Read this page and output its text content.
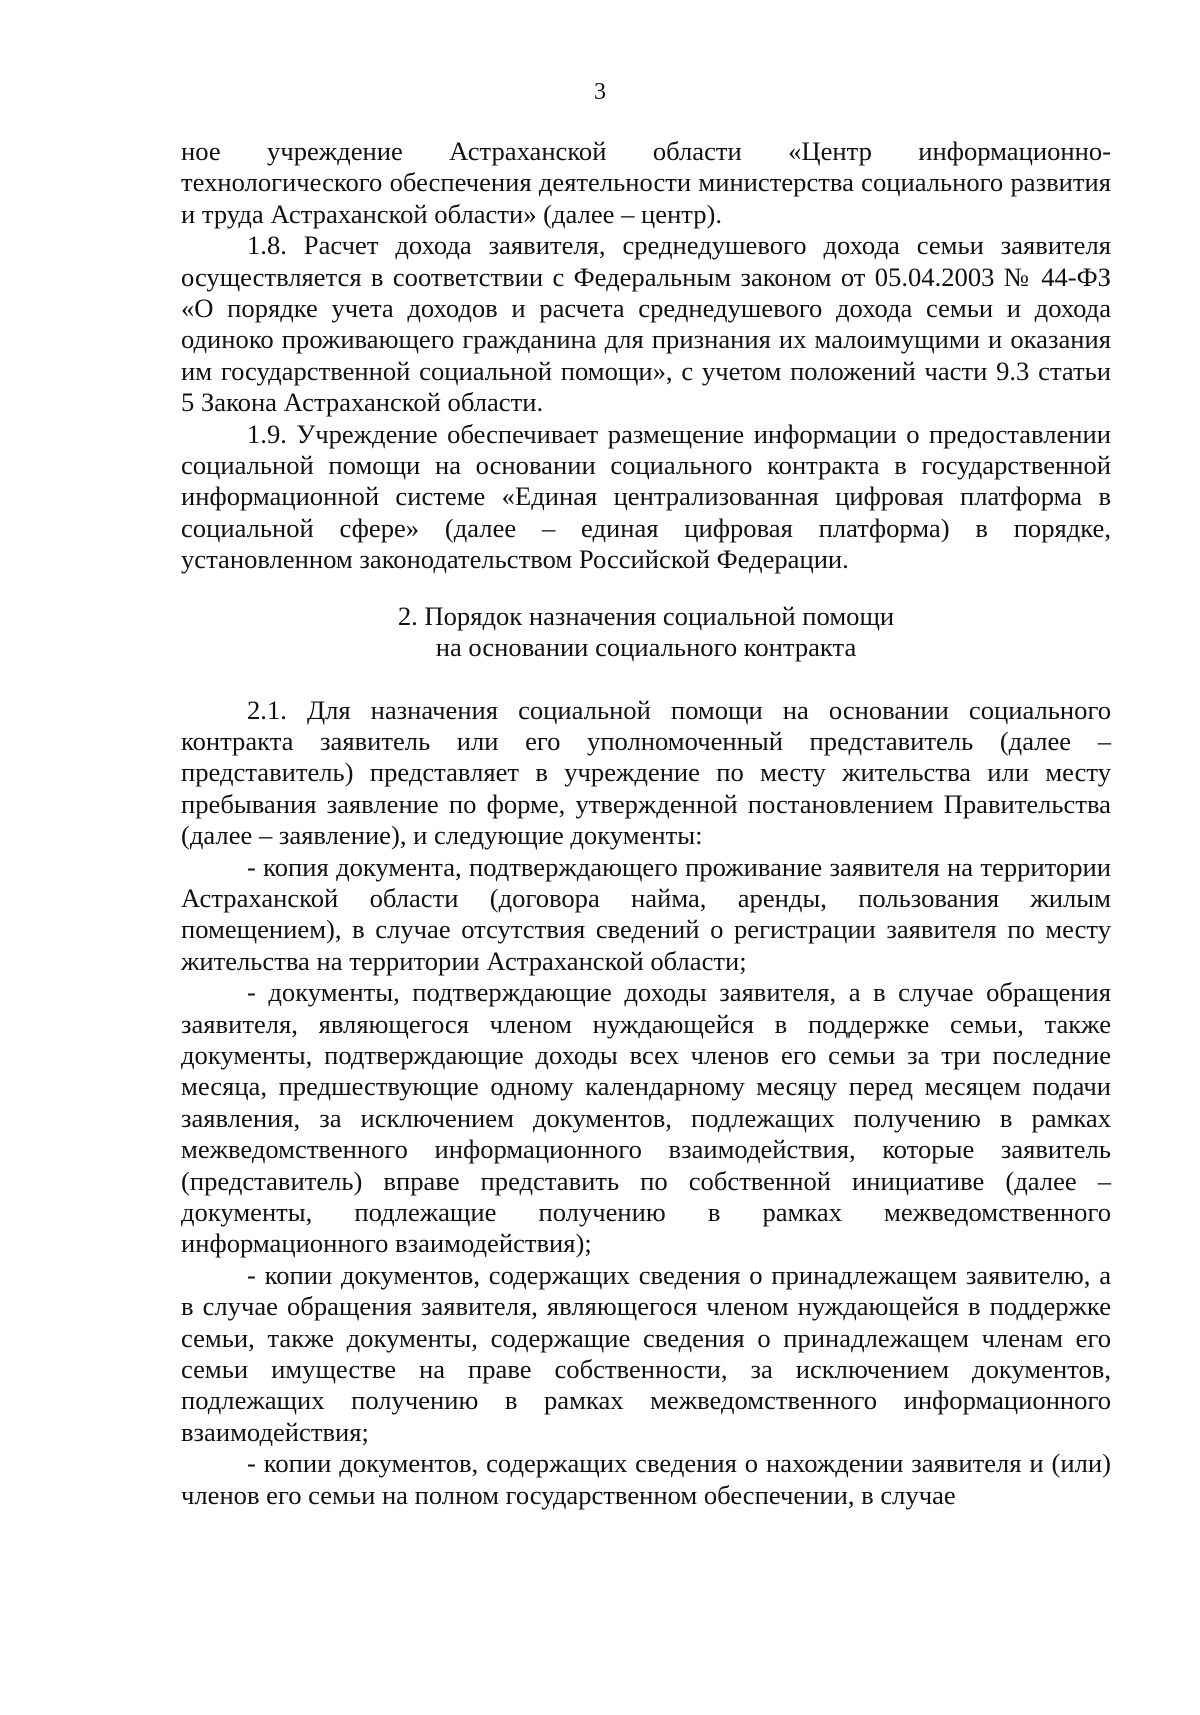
3

ное учреждение Астраханской области «Центр информационно-технологического обеспечения деятельности министерства социального развития и труда Астраханской области» (далее – центр).

1.8. Расчет дохода заявителя, среднедушевого дохода семьи заявителя осуществляется в соответствии с Федеральным законом от 05.04.2003 № 44-ФЗ «О порядке учета доходов и расчета среднедушевого дохода семьи и дохода одиноко проживающего гражданина для признания их малоимущими и оказания им государственной социальной помощи», с учетом положений части 9.3 статьи 5 Закона Астраханской области.

1.9. Учреждение обеспечивает размещение информации о предоставлении социальной помощи на основании социального контракта в государственной информационной системе «Единая централизованная цифровая платформа в социальной сфере» (далее – единая цифровая платформа) в порядке, установленном законодательством Российской Федерации.

2. Порядок назначения социальной помощи
на основании социального контракта

2.1. Для назначения социальной помощи на основании социального контракта заявитель или его уполномоченный представитель (далее – представитель) представляет в учреждение по месту жительства или месту пребывания заявление по форме, утвержденной постановлением Правительства (далее – заявление), и следующие документы:

- копия документа, подтверждающего проживание заявителя на территории Астраханской области (договора найма, аренды, пользования жилым помещением), в случае отсутствия сведений о регистрации заявителя по месту жительства на территории Астраханской области;

- документы, подтверждающие доходы заявителя, а в случае обращения заявителя, являющегося членом нуждающейся в поддержке семьи, также документы, подтверждающие доходы всех членов его семьи за три последние месяца, предшествующие одному календарному месяцу перед месяцем подачи заявления, за исключением документов, подлежащих получению в рамках межведомственного информационного взаимодействия, которые заявитель (представитель) вправе представить по собственной инициативе (далее – документы, подлежащие получению в рамках межведомственного информационного взаимодействия);

- копии документов, содержащих сведения о принадлежащем заявителю, а в случае обращения заявителя, являющегося членом нуждающейся в поддержке семьи, также документы, содержащие сведения о принадлежащем членам его семьи имуществе на праве собственности, за исключением документов, подлежащих получению в рамках межведомственного информационного взаимодействия;

- копии документов, содержащих сведения о нахождении заявителя и (или) членов его семьи на полном государственном обеспечении, в случае
